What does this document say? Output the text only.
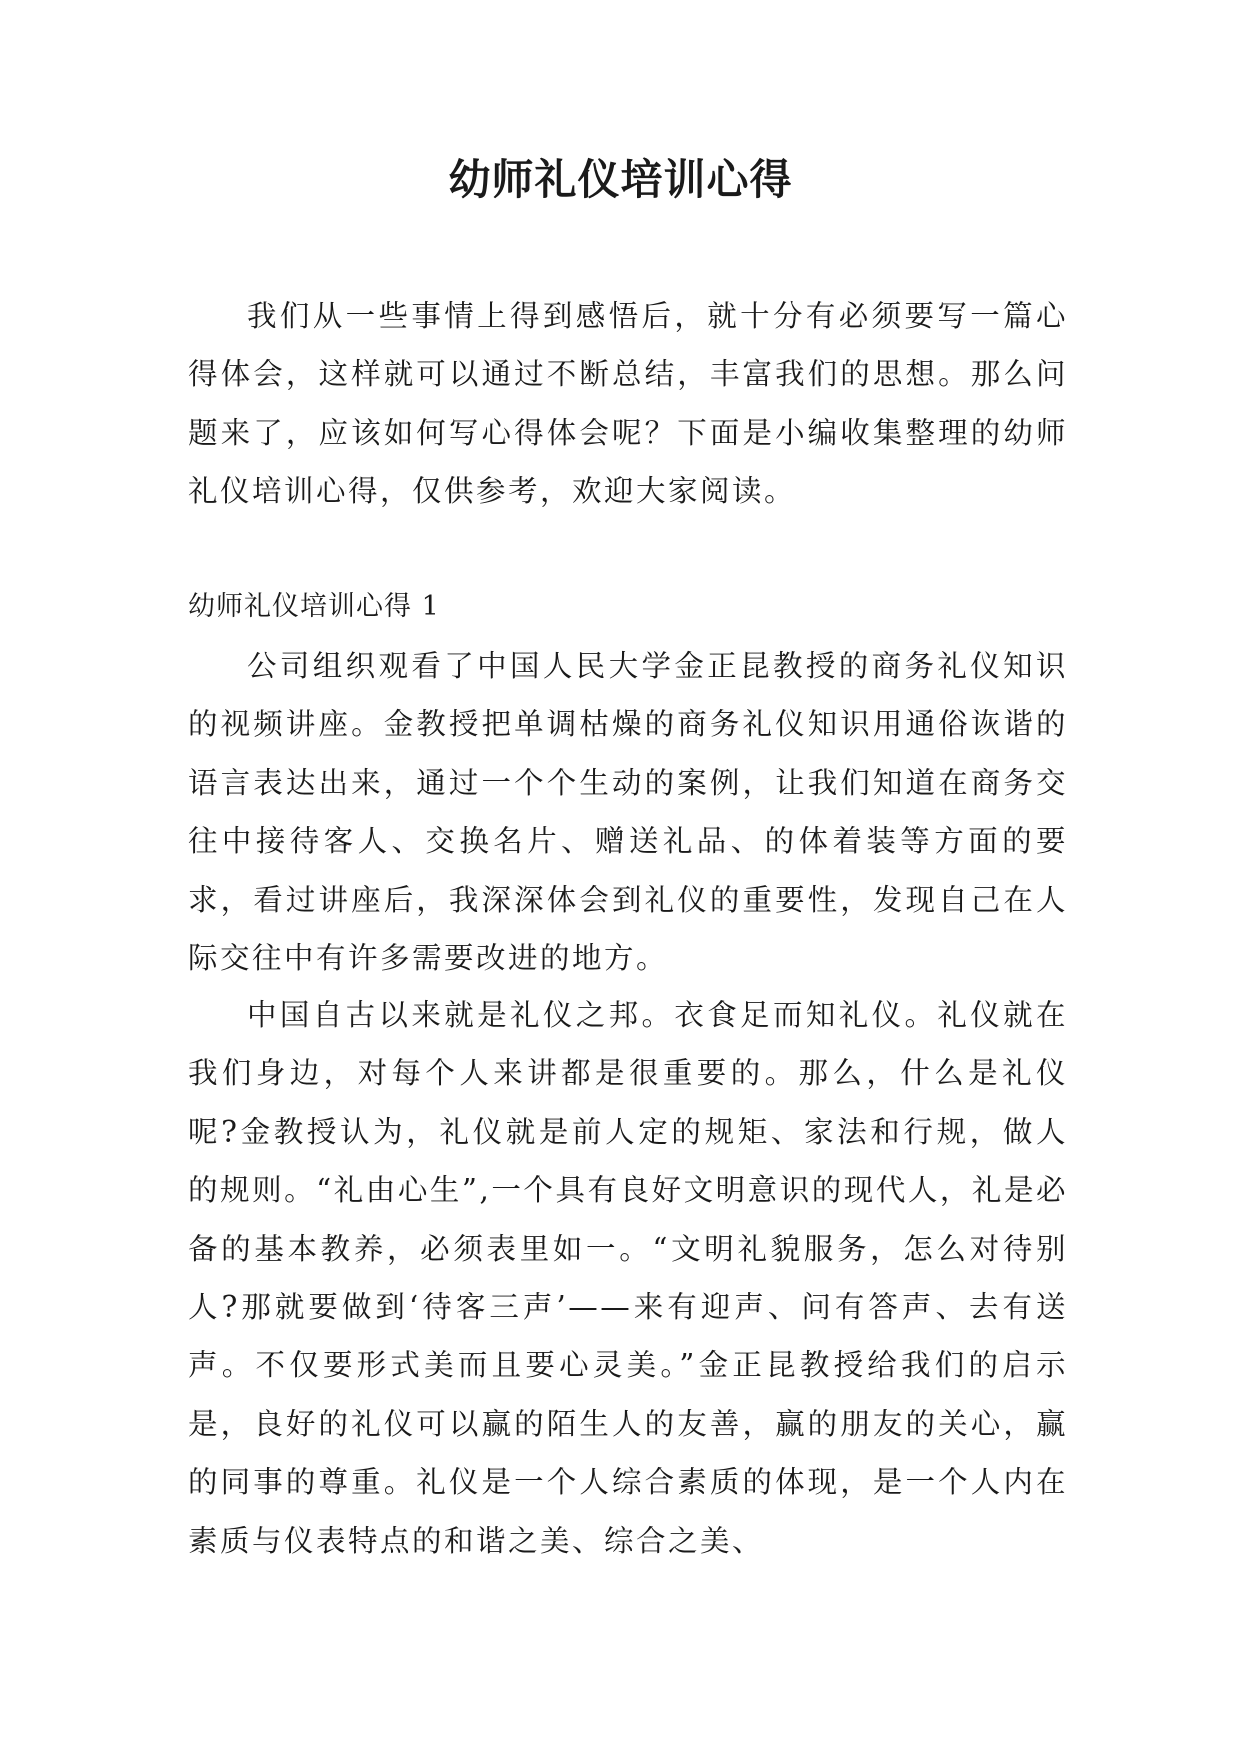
幼师礼仪培训心得

我们从一些事情上得到感悟后，就十分有必须要写一篇心得体会，这样就可以通过不断总结，丰富我们的思想。那么问题来了，应该如何写心得体会呢？下面是小编收集整理的幼师礼仪培训心得，仅供参考，欢迎大家阅读。

幼师礼仪培训心得 1

公司组织观看了中国人民大学金正昆教授的商务礼仪知识的视频讲座。金教授把单调枯燥的商务礼仪知识用通俗诙谐的语言表达出来，通过一个个生动的案例，让我们知道在商务交往中接待客人、交换名片、赠送礼品、的体着装等方面的要求，看过讲座后，我深深体会到礼仪的重要性，发现自己在人际交往中有许多需要改进的地方。

中国自古以来就是礼仪之邦。衣食足而知礼仪。礼仪就在我们身边，对每个人来讲都是很重要的。那么，什么是礼仪呢?金教授认为，礼仪就是前人定的规矩、家法和行规，做人的规则。“礼由心生”,一个具有良好文明意识的现代人，礼是必备的基本教养，必须表里如一。“文明礼貌服务，怎么对待别人?那就要做到‘待客三声’——来有迎声、问有答声、去有送声。不仅要形式美而且要心灵美。”金正昆教授给我们的启示是，良好的礼仪可以赢的陌生人的友善，赢的朋友的关心，赢的同事的尊重。礼仪是一个人综合素质的体现，是一个人内在素质与仪表特点的和谐之美、综合之美、
